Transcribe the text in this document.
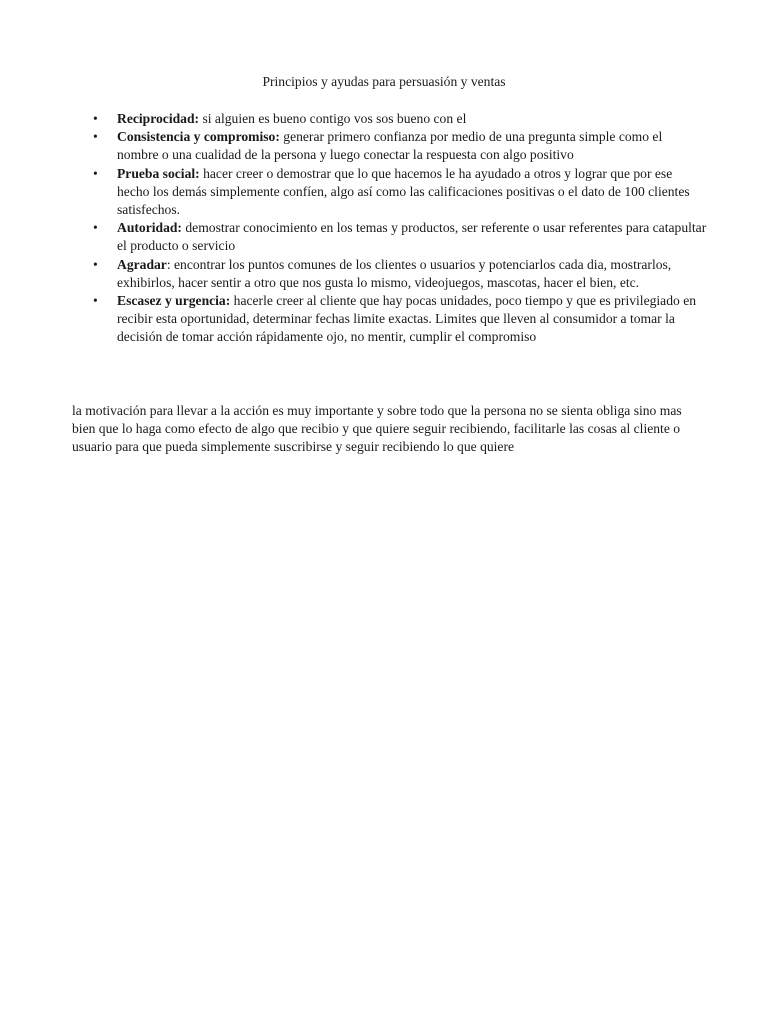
Principios y ayudas para persuasión y ventas
• Reciprocidad: si alguien es bueno contigo vos sos bueno con el
• Consistencia y compromiso: generar primero confianza por medio de una pregunta simple como el nombre o una cualidad de la persona y luego conectar la respuesta con algo positivo
• Prueba social: hacer creer o demostrar que lo que hacemos le ha ayudado a otros y lograr que por ese hecho los demás simplemente confíen, algo así como las calificaciones positivas o el dato de 100 clientes satisfechos.
• Autoridad: demostrar conocimiento en los temas y productos, ser referente o usar referentes para catapultar el producto o servicio
• Agradar: encontrar los puntos comunes de los clientes o usuarios y potenciarlos cada dia, mostrarlos, exhibirlos, hacer sentir a otro que nos gusta lo mismo, videojuegos, mascotas, hacer el bien, etc.
• Escasez y urgencia: hacerle creer al cliente que hay pocas unidades, poco tiempo y que es privilegiado en recibir esta oportunidad, determinar fechas limite exactas. Limites que lleven al consumidor a tomar la decisión de tomar acción rápidamente ojo, no mentir, cumplir el compromiso

la motivación para llevar a la acción es muy importante y sobre todo que la persona no se sienta obliga sino mas bien que lo haga como efecto de algo que recibio y que quiere seguir recibiendo, facilitarle las cosas al cliente o usuario para que pueda simplemente suscribirse y seguir recibiendo lo que quiere
